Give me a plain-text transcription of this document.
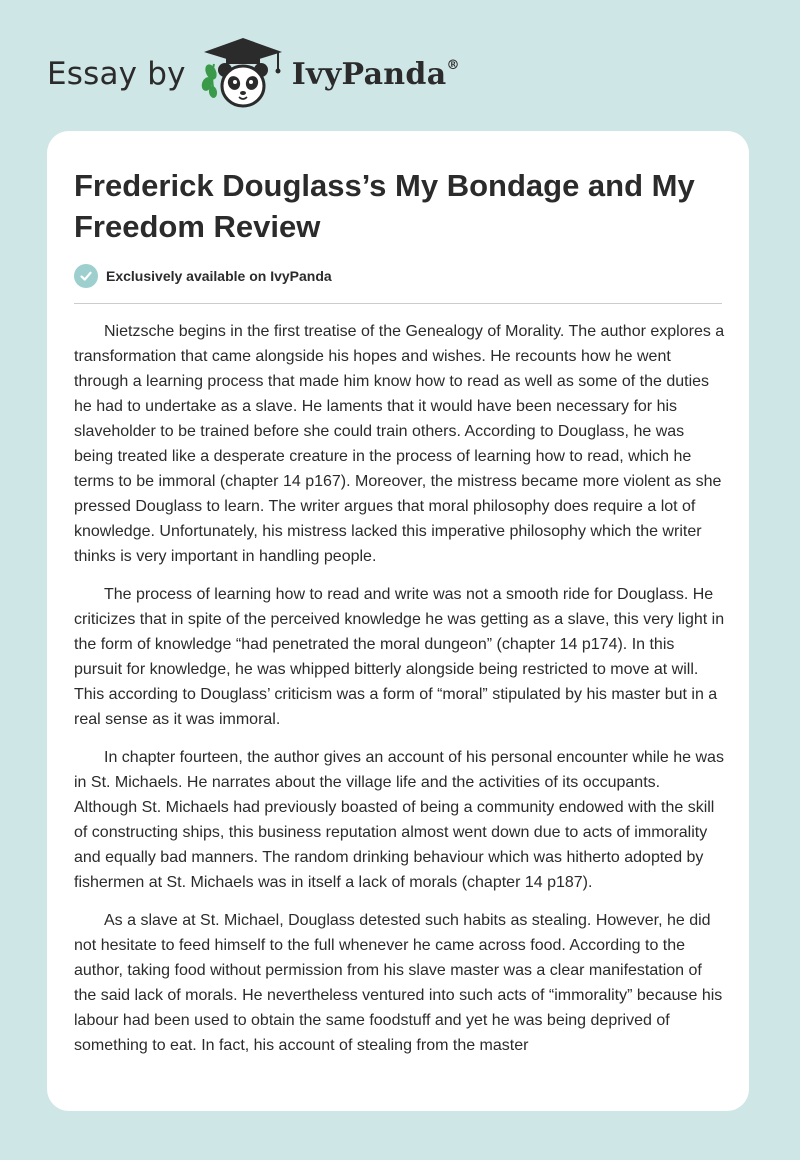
Essay by	IvyPanda®
Frederick Douglass’s My Bondage and My Freedom Review
Exclusively available on IvyPanda

Nietzsche begins in the first treatise of the Genealogy of Morality. The author explores a transformation that came alongside his hopes and wishes. He recounts how he went through a learning process that made him know how to read as well as some of the duties he had to undertake as a slave. He laments that it would have been necessary for his slaveholder to be trained before she could train others. According to Douglass, he was being treated like a desperate creature in the process of learning how to read, which he terms to be immoral (chapter 14 p167). Moreover, the mistress became more violent as she pressed Douglass to learn. The writer argues that moral philosophy does require a lot of knowledge. Unfortunately, his mistress lacked this imperative philosophy which the writer thinks is very important in handling people.

The process of learning how to read and write was not a smooth ride for Douglass. He criticizes that in spite of the perceived knowledge he was getting as a slave, this very light in the form of knowledge “had penetrated the moral dungeon” (chapter 14 p174). In this pursuit for knowledge, he was whipped bitterly alongside being restricted to move at will. This according to Douglass’ criticism was a form of “moral” stipulated by his master but in a real sense as it was immoral.

In chapter fourteen, the author gives an account of his personal encounter while he was in St. Michaels. He narrates about the village life and the activities of its occupants. Although St. Michaels had previously boasted of being a community endowed with the skill of constructing ships, this business reputation almost went down due to acts of immorality and equally bad manners. The random drinking behaviour which was hitherto adopted by fishermen at St. Michaels was in itself a lack of morals (chapter 14 p187).

As a slave at St. Michael, Douglass detested such habits as stealing. However, he did not hesitate to feed himself to the full whenever he came across food. According to the author, taking food without permission from his slave master was a clear manifestation of the said lack of morals. He nevertheless ventured into such acts of “immorality” because his labour had been used to obtain the same foodstuff and yet he was being deprived of something to eat. In fact, his account of stealing from the master
